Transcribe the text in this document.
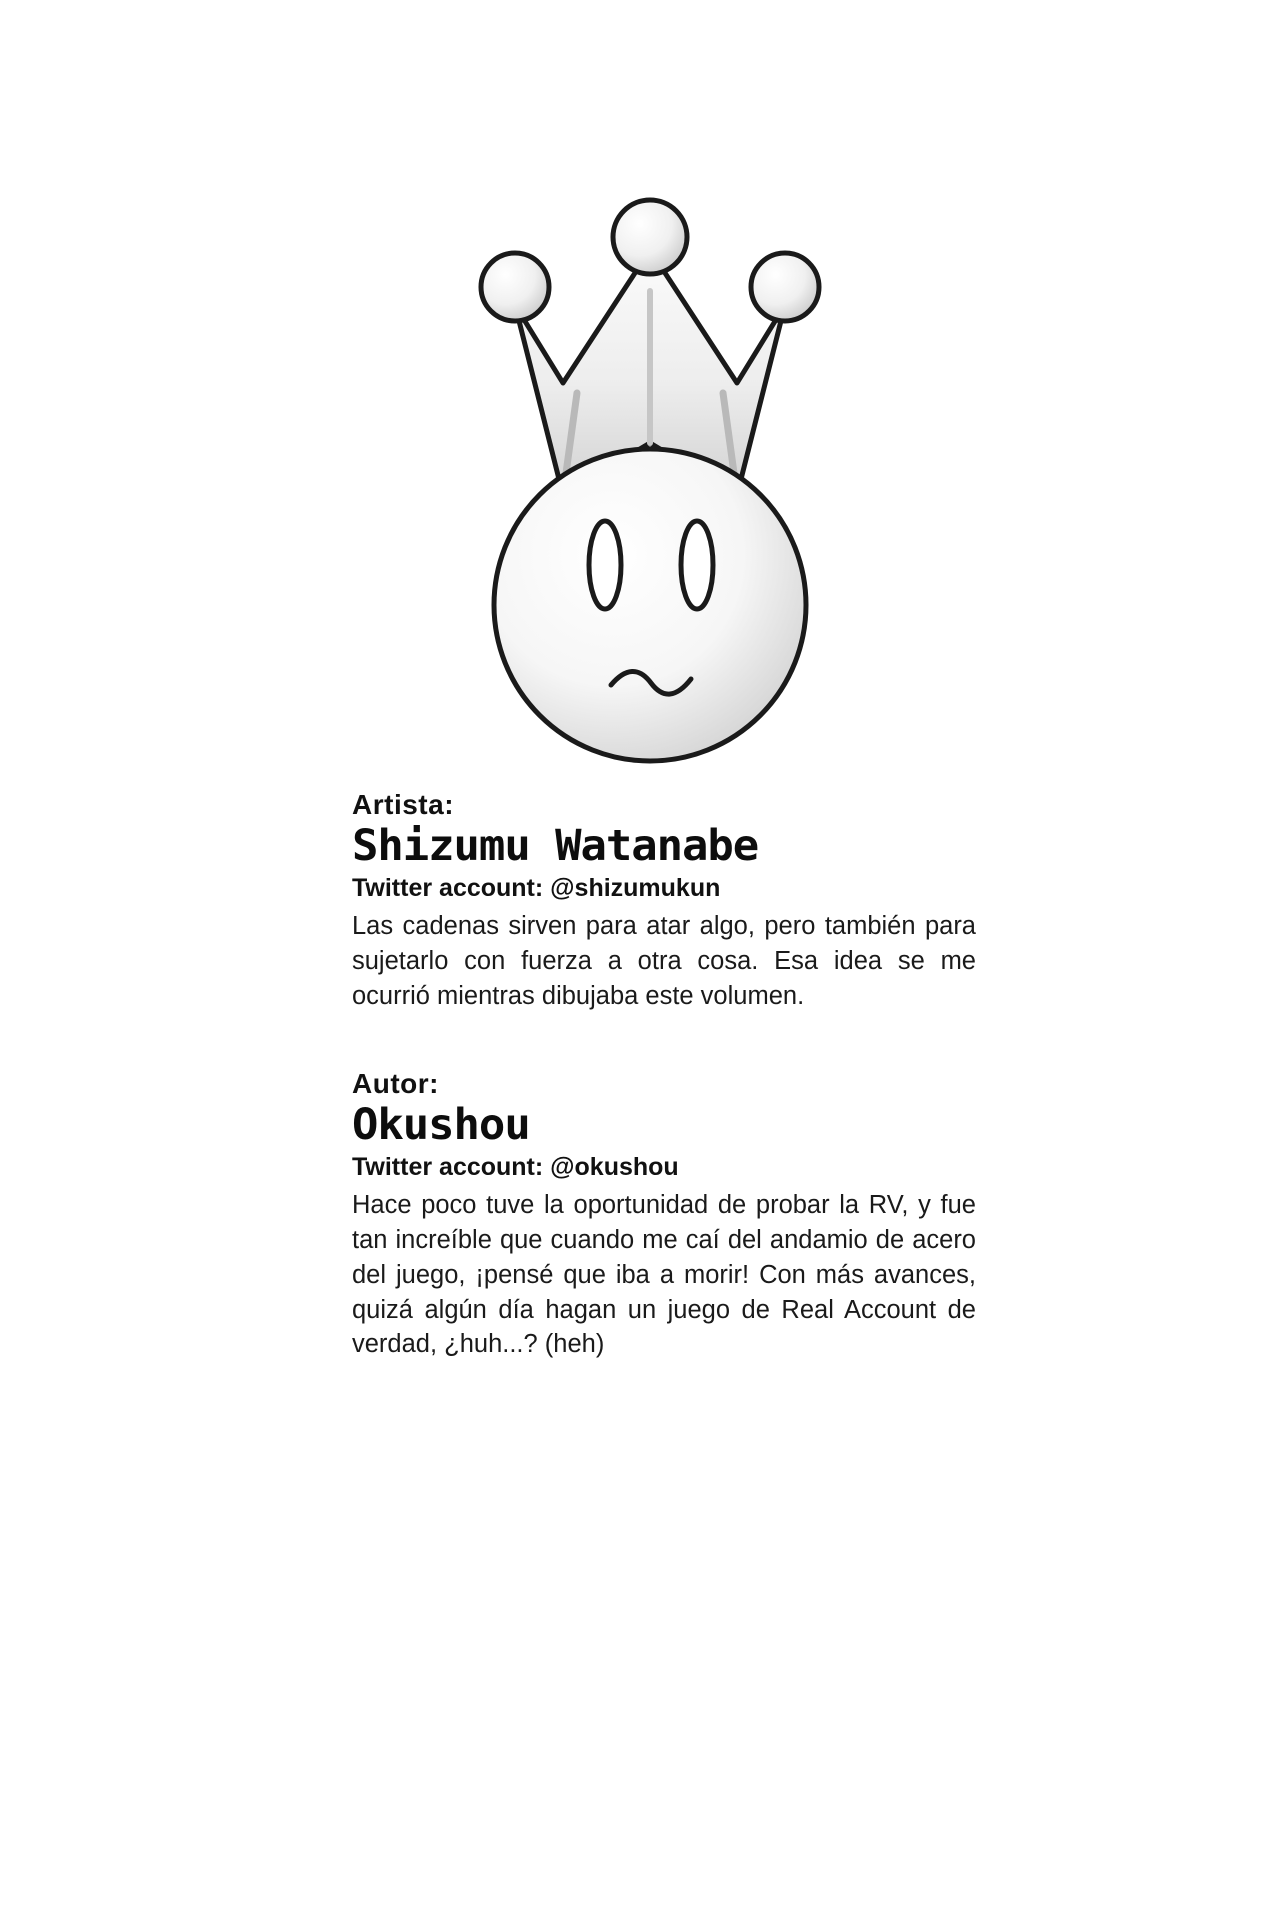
Artista:

Shizumu Watanabe

Twitter account: @shizumukun

Las cadenas sirven para atar algo, pero también para sujetarlo con fuerza a otra cosa. Esa idea se me ocurrió mientras dibujaba este volumen.

Autor:

Okushou

Twitter account: @okushou

Hace poco tuve la oportunidad de probar la RV, y fue tan increíble que cuando me caí del andamio de acero del juego, ¡pensé que iba a morir! Con más avances, quizá algún día hagan un juego de Real Account de verdad, ¿huh...? (heh)
